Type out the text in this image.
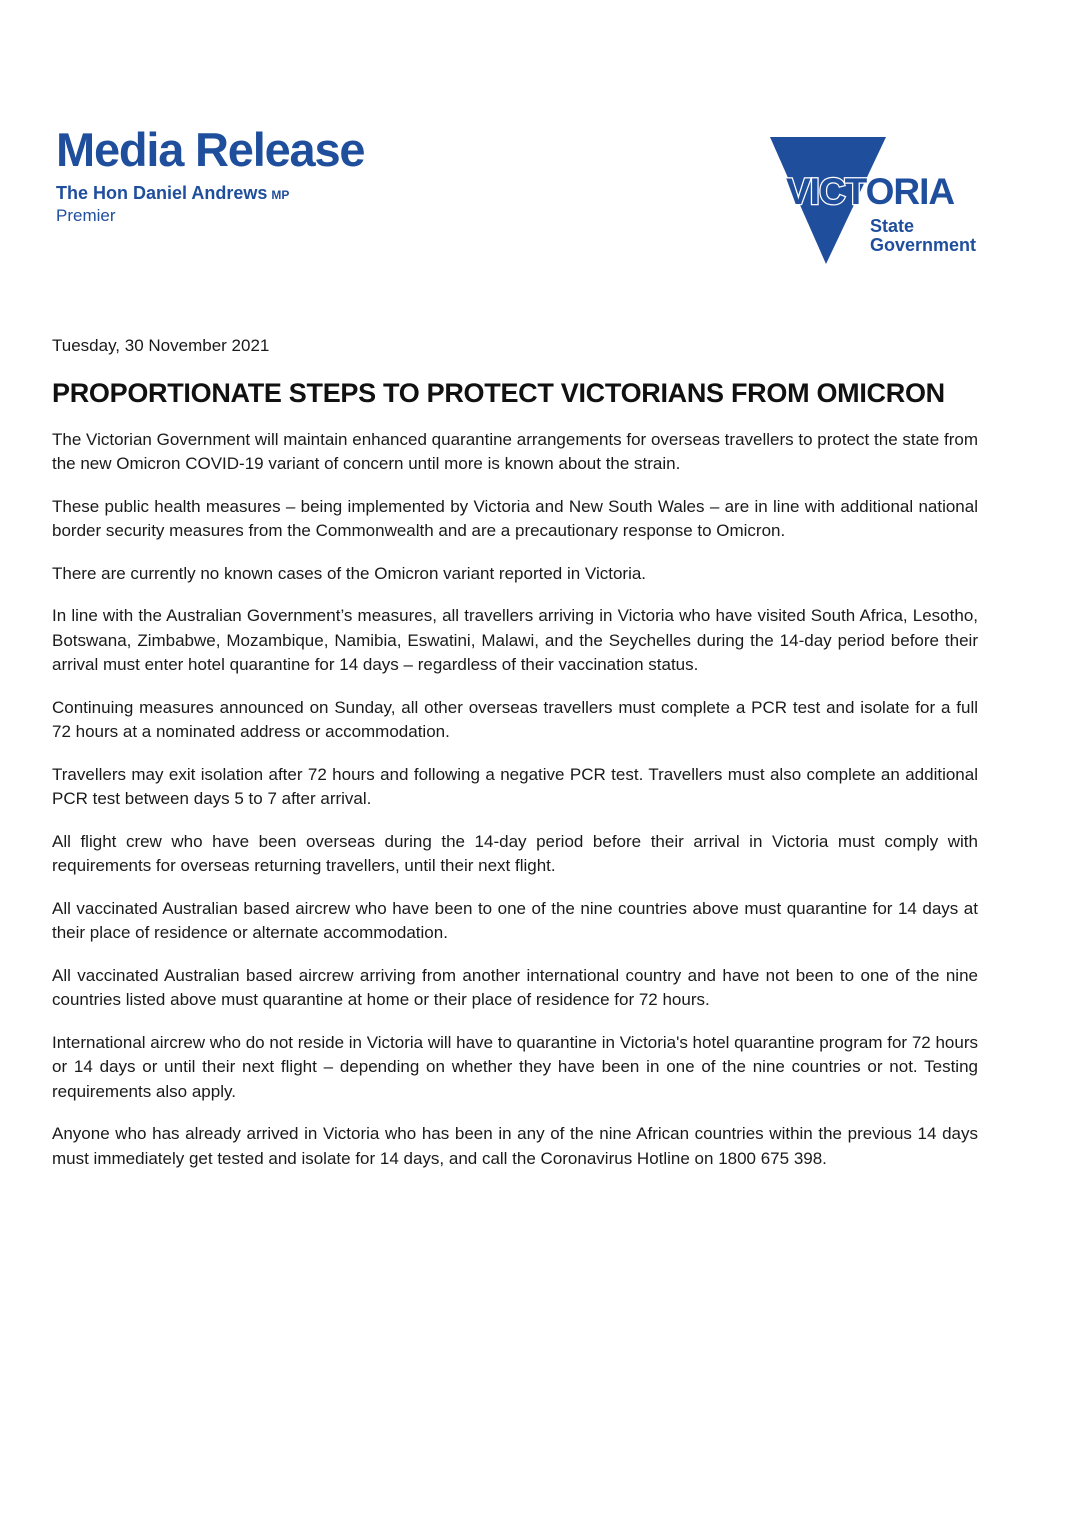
Media Release
The Hon Daniel Andrews MP
Premier
VICTORIA
State
Government

Tuesday, 30 November 2021

PROPORTIONATE STEPS TO PROTECT VICTORIANS FROM OMICRON

The Victorian Government will maintain enhanced quarantine arrangements for overseas travellers to protect the state from the new Omicron COVID-19 variant of concern until more is known about the strain.

These public health measures – being implemented by Victoria and New South Wales – are in line with additional national border security measures from the Commonwealth and are a precautionary response to Omicron.

There are currently no known cases of the Omicron variant reported in Victoria.

In line with the Australian Government’s measures, all travellers arriving in Victoria who have visited South Africa, Lesotho, Botswana, Zimbabwe, Mozambique, Namibia, Eswatini, Malawi, and the Seychelles during the 14-day period before their arrival must enter hotel quarantine for 14 days – regardless of their vaccination status.

Continuing measures announced on Sunday, all other overseas travellers must complete a PCR test and isolate for a full 72 hours at a nominated address or accommodation.

Travellers may exit isolation after 72 hours and following a negative PCR test. Travellers must also complete an additional PCR test between days 5 to 7 after arrival.

All flight crew who have been overseas during the 14-day period before their arrival in Victoria must comply with requirements for overseas returning travellers, until their next flight.

All vaccinated Australian based aircrew who have been to one of the nine countries above must quarantine for 14 days at their place of residence or alternate accommodation.

All vaccinated Australian based aircrew arriving from another international country and have not been to one of the nine countries listed above must quarantine at home or their place of residence for 72 hours.

International aircrew who do not reside in Victoria will have to quarantine in Victoria's hotel quarantine program for 72 hours or 14 days or until their next flight – depending on whether they have been in one of the nine countries or not. Testing requirements also apply.

Anyone who has already arrived in Victoria who has been in any of the nine African countries within the previous 14 days must immediately get tested and isolate for 14 days, and call the Coronavirus Hotline on 1800 675 398.
